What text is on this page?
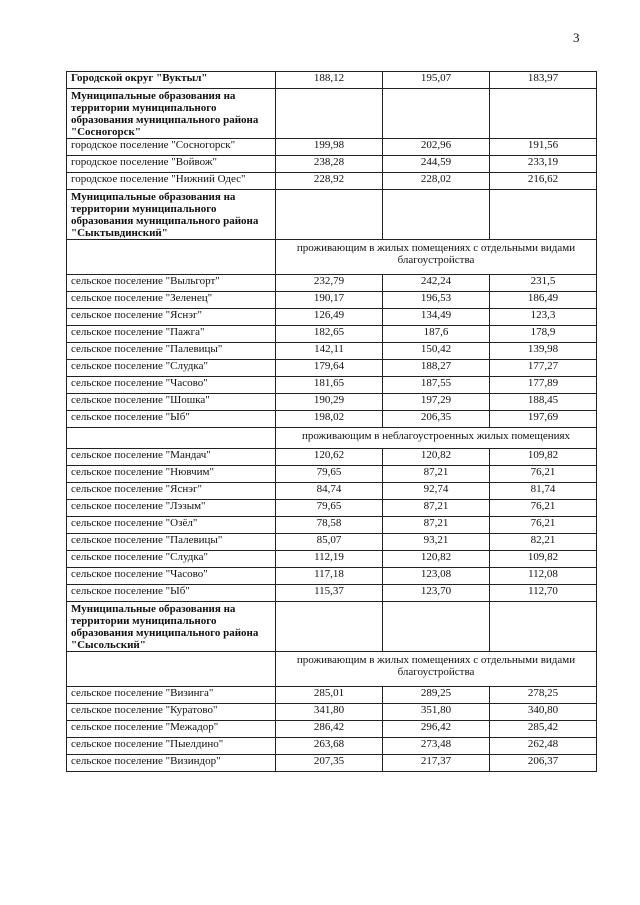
3
Городской округ "Вуктыл"	188,12	195,07	183,97
Муниципальные образования на территории муниципального образования муниципального района "Сосногорск"			
городское поселение "Сосногорск"	199,98	202,96	191,56
городское поселение "Войвож"	238,28	244,59	233,19
городское поселение "Нижний Одес"	228,92	228,02	216,62
Муниципальные образования на территории муниципального образования муниципального района "Сыктывдинский"			
	проживающим в жилых помещениях с отдельными видами благоустройства		
сельское поселение "Выльгорт"	232,79	242,24	231,5
сельское поселение "Зеленец"	190,17	196,53	186,49
сельское поселение "Яснэг"	126,49	134,49	123,3
сельское поселение "Пажга"	182,65	187,6	178,9
сельское поселение "Палевицы"	142,11	150,42	139,98
сельское поселение "Слудка"	179,64	188,27	177,27
сельское поселение "Часово"	181,65	187,55	177,89
сельское поселение "Шошка"	190,29	197,29	188,45
сельское поселение "Ыб"	198,02	206,35	197,69
	проживающим в неблагоустроенных жилых помещениях		
сельское поселение "Мандач"	120,62	120,82	109,82
сельское поселение "Нювчим"	79,65	87,21	76,21
сельское поселение "Яснэг"	84,74	92,74	81,74
сельское поселение "Лэзым"	79,65	87,21	76,21
сельское поселение "Озёл"	78,58	87,21	76,21
сельское поселение "Палевицы"	85,07	93,21	82,21
сельское поселение "Слудка"	112,19	120,82	109,82
сельское поселение "Часово"	117,18	123,08	112,08
сельское поселение "Ыб"	115,37	123,70	112,70
Муниципальные образования на территории муниципального образования муниципального района "Сысольский"			
	проживающим в жилых помещениях с отдельными видами благоустройства		
сельское поселение "Визинга"	285,01	289,25	278,25
сельское поселение "Куратово"	341,80	351,80	340,80
сельское поселение "Межадор"	286,42	296,42	285,42
сельское поселение "Пыелдино"	263,68	273,48	262,48
сельское поселение "Визиндор"	207,35	217,37	206,37
